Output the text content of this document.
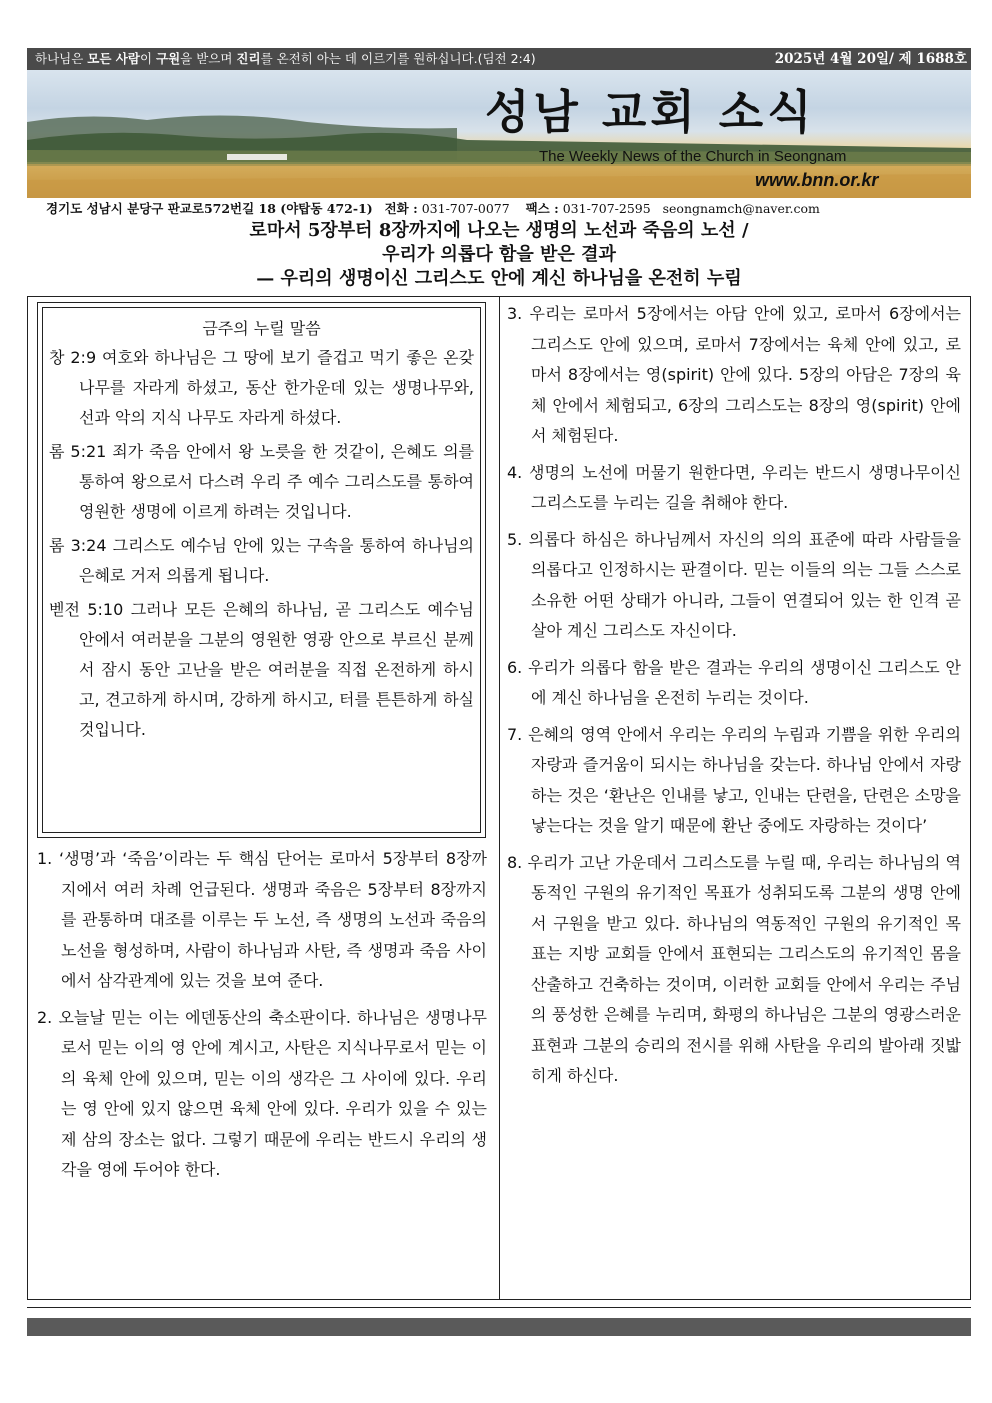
하나님은 모든 사람이 구원을 받으며 진리를 온전히 아는 데 이르기를 원하십니다.(딤전 2:4)	2025년 4월 20일/ 제 1688호
성남 교회 소식
The Weekly News of the Church in Seongnam
www.bnn.or.kr
경기도 성남시 분당구 판교로572번길 18 (야탑동 472-1) 전화 : 031-707-0077 팩스 : 031-707-2595 seongnamch@naver.com
로마서 5장부터 8장까지에 나오는 생명의 노선과 죽음의 노선 /
우리가 의롭다 함을 받은 결과
— 우리의 생명이신 그리스도 안에 계신 하나님을 온전히 누림
금주의 누릴 말씀
창 2:9 여호와 하나님은 그 땅에 보기 즐겁고 먹기 좋은 온갖 나무를 자라게 하셨고, 동산 한가운데 있는 생명나무와, 선과 악의 지식 나무도 자라게 하셨다.
롬 5:21 죄가 죽음 안에서 왕 노릇을 한 것같이, 은혜도 의를 통하여 왕으로서 다스려 우리 주 예수 그리스도를 통하여 영원한 생명에 이르게 하려는 것입니다.
롬 3:24 그리스도 예수님 안에 있는 구속을 통하여 하나님의 은혜로 거저 의롭게 됩니다.
벧전 5:10 그러나 모든 은혜의 하나님, 곧 그리스도 예수님 안에서 여러분을 그분의 영원한 영광 안으로 부르신 분께서 잠시 동안 고난을 받은 여러분을 직접 온전하게 하시고, 견고하게 하시며, 강하게 하시고, 터를 튼튼하게 하실 것입니다.
1. ‘생명’과 ‘죽음’이라는 두 핵심 단어는 로마서 5장부터 8장까지에서 여러 차례 언급된다. 생명과 죽음은 5장부터 8장까지를 관통하며 대조를 이루는 두 노선, 즉 생명의 노선과 죽음의 노선을 형성하며, 사람이 하나님과 사탄, 즉 생명과 죽음 사이에서 삼각관계에 있는 것을 보여 준다.
2. 오늘날 믿는 이는 에덴동산의 축소판이다. 하나님은 생명나무로서 믿는 이의 영 안에 계시고, 사탄은 지식나무로서 믿는 이의 육체 안에 있으며, 믿는 이의 생각은 그 사이에 있다. 우리는 영 안에 있지 않으면 육체 안에 있다. 우리가 있을 수 있는 제 삼의 장소는 없다. 그렇기 때문에 우리는 반드시 우리의 생각을 영에 두어야 한다.
3. 우리는 로마서 5장에서는 아담 안에 있고, 로마서 6장에서는 그리스도 안에 있으며, 로마서 7장에서는 육체 안에 있고, 로마서 8장에서는 영(spirit) 안에 있다. 5장의 아담은 7장의 육체 안에서 체험되고, 6장의 그리스도는 8장의 영(spirit) 안에서 체험된다.
4. 생명의 노선에 머물기 원한다면, 우리는 반드시 생명나무이신 그리스도를 누리는 길을 취해야 한다.
5. 의롭다 하심은 하나님께서 자신의 의의 표준에 따라 사람들을 의롭다고 인정하시는 판결이다. 믿는 이들의 의는 그들 스스로 소유한 어떤 상태가 아니라, 그들이 연결되어 있는 한 인격 곧 살아 계신 그리스도 자신이다.
6. 우리가 의롭다 함을 받은 결과는 우리의 생명이신 그리스도 안에 계신 하나님을 온전히 누리는 것이다.
7. 은혜의 영역 안에서 우리는 우리의 누림과 기쁨을 위한 우리의 자랑과 즐거움이 되시는 하나님을 갖는다. 하나님 안에서 자랑하는 것은 ‘환난은 인내를 낳고, 인내는 단련을, 단련은 소망을 낳는다는 것을 알기 때문에 환난 중에도 자랑하는 것이다’
8. 우리가 고난 가운데서 그리스도를 누릴 때, 우리는 하나님의 역동적인 구원의 유기적인 목표가 성취되도록 그분의 생명 안에서 구원을 받고 있다. 하나님의 역동적인 구원의 유기적인 목표는 지방 교회들 안에서 표현되는 그리스도의 유기적인 몸을 산출하고 건축하는 것이며, 이러한 교회들 안에서 우리는 주님의 풍성한 은혜를 누리며, 화평의 하나님은 그분의 영광스러운 표현과 그분의 승리의 전시를 위해 사탄을 우리의 발아래 짓밟히게 하신다.
